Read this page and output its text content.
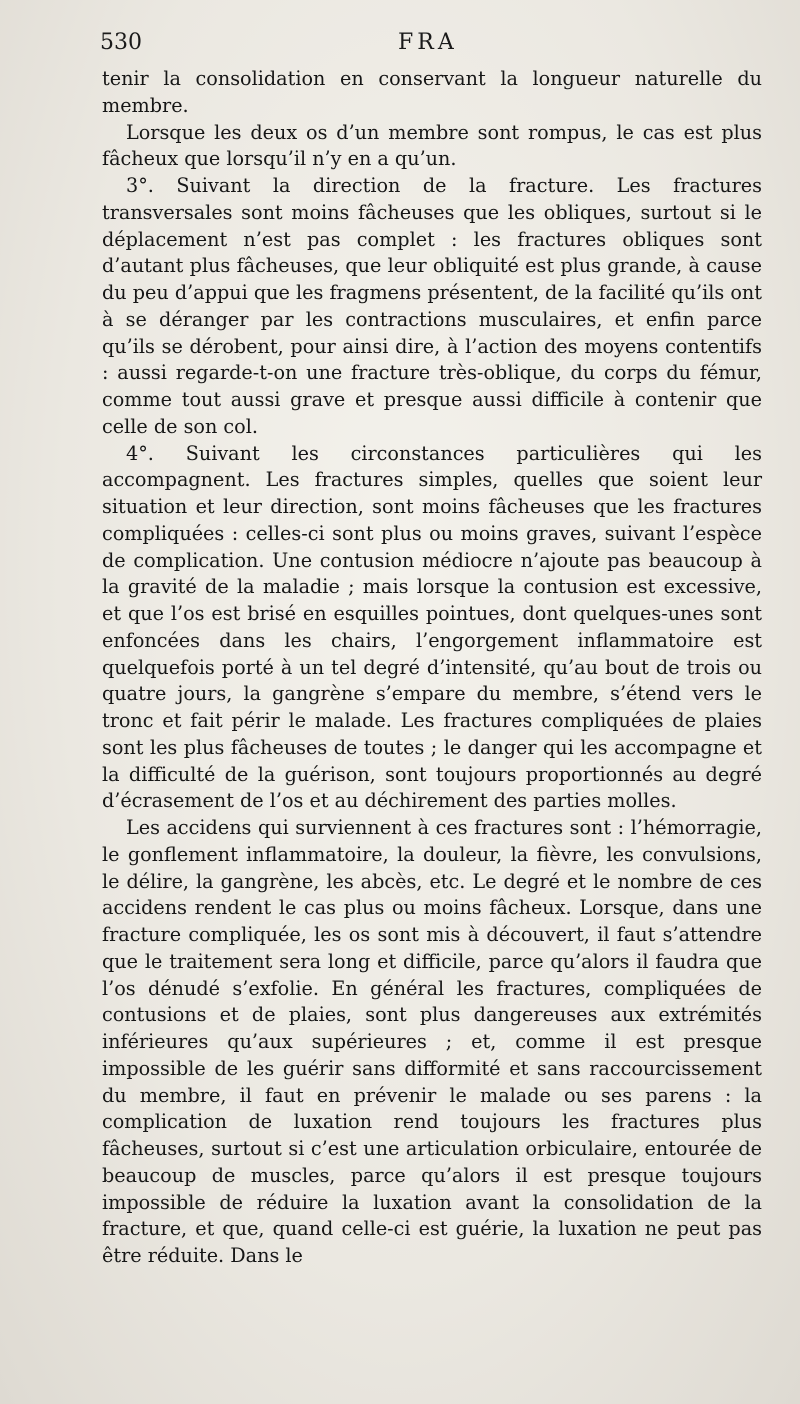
530	FRA

tenir la consolidation en conservant la longueur naturelle du membre.

Lorsque les deux os d’un membre sont rompus, le cas est plus fâcheux que lorsqu’il n’y en a qu’un.

3°. Suivant la direction de la fracture. Les fractures transversales sont moins fâcheuses que les obliques, surtout si le déplacement n’est pas complet : les fractures obliques sont d’autant plus fâcheuses, que leur obliquité est plus grande, à cause du peu d’appui que les fragmens présentent, de la facilité qu’ils ont à se déranger par les contractions musculaires, et enfin parce qu’ils se dérobent, pour ainsi dire, à l’action des moyens contentifs : aussi regarde-t-on une fracture très-oblique, du corps du fémur, comme tout aussi grave et presque aussi difficile à contenir que celle de son col.

4°. Suivant les circonstances particulières qui les accompagnent. Les fractures simples, quelles que soient leur situation et leur direction, sont moins fâcheuses que les fractures compliquées : celles-ci sont plus ou moins graves, suivant l’espèce de complication. Une contusion médiocre n’ajoute pas beaucoup à la gravité de la maladie ; mais lorsque la contusion est excessive, et que l’os est brisé en esquilles pointues, dont quelques-unes sont enfoncées dans les chairs, l’engorgement inflammatoire est quelquefois porté à un tel degré d’intensité, qu’au bout de trois ou quatre jours, la gangrène s’empare du membre, s’étend vers le tronc et fait périr le malade. Les fractures compliquées de plaies sont les plus fâcheuses de toutes ; le danger qui les accompagne et la difficulté de la guérison, sont toujours proportionnés au degré d’écrasement de l’os et au déchirement des parties molles.

Les accidens qui surviennent à ces fractures sont : l’hémorragie, le gonflement inflammatoire, la douleur, la fièvre, les convulsions, le délire, la gangrène, les abcès, etc. Le degré et le nombre de ces accidens rendent le cas plus ou moins fâcheux. Lorsque, dans une fracture compliquée, les os sont mis à découvert, il faut s’attendre que le traitement sera long et difficile, parce qu’alors il faudra que l’os dénudé s’exfolie. En général les fractures, compliquées de contusions et de plaies, sont plus dangereuses aux extrémités inférieures qu’aux supérieures ; et, comme il est presque impossible de les guérir sans difformité et sans raccourcissement du membre, il faut en prévenir le malade ou ses parens : la complication de luxation rend toujours les fractures plus fâcheuses, surtout si c’est une articulation orbiculaire, entourée de beaucoup de muscles, parce qu’alors il est presque toujours impossible de réduire la luxation avant la consolidation de la fracture, et que, quand celle-ci est guérie, la luxation ne peut pas être réduite. Dans le
